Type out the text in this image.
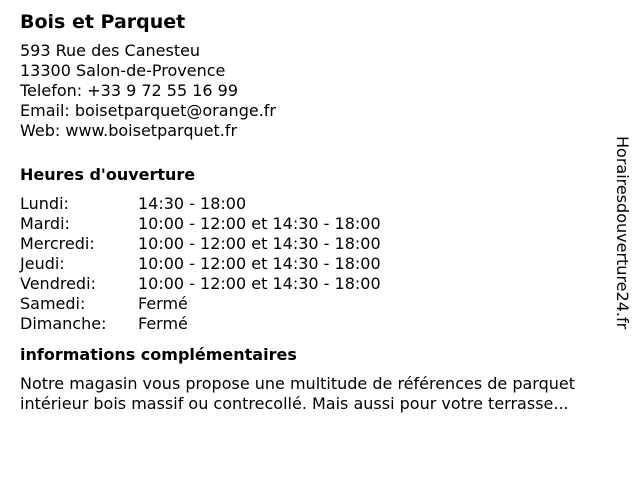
Bois et Parquet
593 Rue des Canesteu
13300 Salon-de-Provence
Telefon: +33 9 72 55 16 99
Email: boisetparquet@orange.fr
Web: www.boisetparquet.fr
Heures d'ouverture
Lundi:	14:30 - 18:00
Mardi:	10:00 - 12:00 et 14:30 - 18:00
Mercredi:	10:00 - 12:00 et 14:30 - 18:00
Jeudi:	10:00 - 12:00 et 14:30 - 18:00
Vendredi:	10:00 - 12:00 et 14:30 - 18:00
Samedi:	Fermé
Dimanche:	Fermé
informations complémentaires
Notre magasin vous propose une multitude de références de parquet
intérieur bois massif ou contrecollé. Mais aussi pour votre terrasse...
Horairesdouverture24.fr
